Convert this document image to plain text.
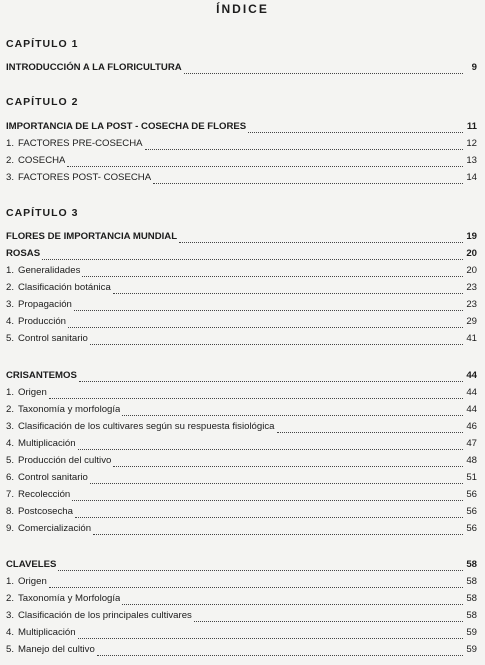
ÍNDICE
CAPÍTULO 1
INTRODUCCIÓN A LA FLORICULTURA	9
CAPÍTULO 2
IMPORTANCIA DE LA POST - COSECHA DE FLORES	11
1. FACTORES PRE-COSECHA	12
2. COSECHA	13
3. FACTORES POST- COSECHA	14
CAPÍTULO 3
FLORES DE IMPORTANCIA MUNDIAL	19
ROSAS	20
1. Generalidades	20
2. Clasificación botánica	23
3. Propagación	23
4. Producción	29
5. Control sanitario	41
CRISANTEMOS	44
1. Origen	44
2. Taxonomía y morfología	44
3. Clasificación de los cultivares según su respuesta fisiológica	46
4. Multiplicación	47
5. Producción del cultivo	48
6. Control sanitario	51
7. Recolección	56
8. Postcosecha	56
9. Comercialización	56
CLAVELES	58
1. Origen	58
2. Taxonomía y Morfología	58
3. Clasificación de los principales cultivares	58
4. Multiplicación	59
5. Manejo del cultivo	59
